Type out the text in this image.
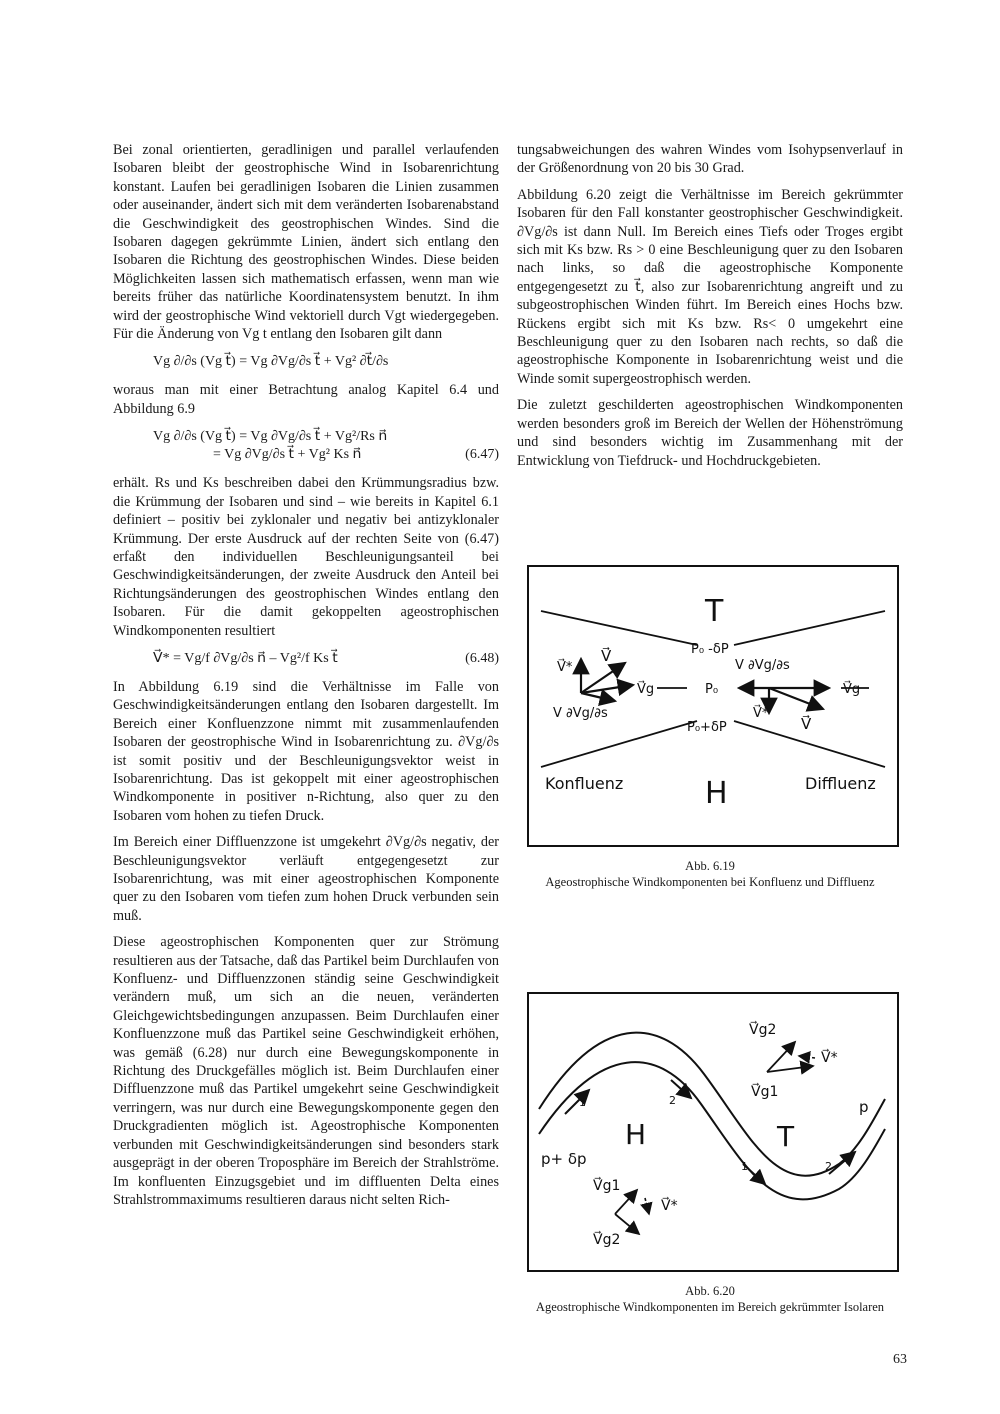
Bei zonal orientierten, geradlinigen und parallel verlaufenden Isobaren bleibt der geostrophische Wind in Isobarenrichtung konstant. Laufen bei geradlinigen Isobaren die Linien zusammen oder auseinander, ändert sich mit dem veränderten Isobarenabstand die Geschwindigkeit des geostrophischen Windes. Sind die Isobaren dagegen gekrümmte Linien, ändert sich entlang den Isobaren die Richtung des geostrophischen Windes. Diese beiden Möglichkeiten lassen sich mathematisch erfassen, wenn man wie bereits früher das natürliche Koordinatensystem benutzt. In ihm wird der geostrophische Wind vektoriell durch Vgt wiedergegeben. Für die Änderung von Vg t entlang den Isobaren gilt dann

Vg ∂/∂s (Vg t⃗) = Vg ∂Vg/∂s t⃗ + Vg² ∂t⃗/∂s

woraus man mit einer Betrachtung analog Kapitel 6.4 und Abbildung 6.9

Vg ∂/∂s (Vg t⃗) = Vg ∂Vg/∂s t⃗ + Vg²/Rs n⃗
= Vg ∂Vg/∂s t⃗ + Vg² Ks n⃗	(6.47)

erhält. Rs und Ks beschreiben dabei den Krümmungsradius bzw. die Krümmung der Isobaren und sind – wie bereits in Kapitel 6.1 definiert – positiv bei zyklonaler und negativ bei antizyklonaler Krümmung. Der erste Ausdruck auf der rechten Seite von (6.47) erfaßt den individuellen Beschleunigungsanteil bei Geschwindigkeitsänderungen, der zweite Ausdruck den Anteil bei Richtungsänderungen des geostrophischen Windes entlang den Isobaren. Für die damit gekoppelten ageostrophischen Windkomponenten resultiert

V⃗* = Vg/f ∂Vg/∂s n⃗ – Vg²/f Ks t⃗	(6.48)

In Abbildung 6.19 sind die Verhältnisse im Falle von Geschwindigkeitsänderungen entlang den Isobaren dargestellt. Im Bereich einer Konfluenzzone nimmt mit zusammenlaufenden Isobaren der geostrophische Wind in Isobarenrichtung zu. ∂Vg/∂s ist somit positiv und der Beschleunigungsvektor weist in Isobarenrichtung. Das ist gekoppelt mit einer ageostrophischen Windkomponente in positiver n-Richtung, also quer zu den Isobaren vom hohen zu tiefen Druck.

Im Bereich einer Diffluenzzone ist umgekehrt ∂Vg/∂s negativ, der Beschleunigungsvektor verläuft entgegengesetzt zur Isobarenrichtung, was mit einer ageostrophischen Komponente quer zu den Isobaren vom tiefen zum hohen Druck verbunden sein muß.

Diese ageostrophischen Komponenten quer zur Strömung resultieren aus der Tatsache, daß das Partikel beim Durchlaufen von Konfluenz- und Diffluenzzonen ständig seine Geschwindigkeit verändern muß, um sich an die neuen, veränderten Gleichgewichtsbedingungen anzupassen. Beim Durchlaufen einer Konfluenzzone muß das Partikel seine Geschwindigkeit erhöhen, was gemäß (6.28) nur durch eine Bewegungskomponente in Richtung des Druckgefälles möglich ist. Beim Durchlaufen einer Diffluenzzone muß das Partikel umgekehrt seine Geschwindigkeit verringern, was nur durch eine Bewegungskomponente gegen den Druckgradienten möglich ist. Ageostrophische Komponenten verbunden mit Geschwindigkeitsänderungen sind besonders stark ausgeprägt in der oberen Troposphäre im Bereich der Strahlströme. Im konfluenten Einzugsgebiet und im diffluenten Delta eines Strahlstrommaximums resultieren daraus nicht selten Rich-

tungsabweichungen des wahren Windes vom Isohypsenverlauf in der Größenordnung von 20 bis 30 Grad.

Abbildung 6.20 zeigt die Verhältnisse im Bereich gekrümmter Isobaren für den Fall konstanter geostrophischer Geschwindigkeit. ∂Vg/∂s ist dann Null. Im Bereich eines Tiefs oder Troges ergibt sich mit Ks bzw. Rs > 0 eine Beschleunigung quer zu den Isobaren nach links, so daß die ageostrophische Komponente entgegengesetzt zu t⃗, also zur Isobarenrichtung angreift und zu subgeostrophischen Winden führt. Im Bereich eines Hochs bzw. Rückens ergibt sich mit Ks bzw. Rs< 0 umgekehrt eine Beschleunigung quer zu den Isobaren nach rechts, so daß die ageostrophische Komponente in Isobarenrichtung weist und die Winde somit supergeostrophisch werden.

Die zuletzt geschilderten ageostrophischen Windkomponenten werden besonders groß im Bereich der Wellen der Höhenströmung und sind besonders wichtig im Zusammenhang mit der Entwicklung von Tiefdruck- und Hochdruckgebieten.

T
H
P₀ -δP
P₀
P₀+δP
Konfluenz	Diffluenz
V⃗
V⃗*
V⃗g
V ∂Vg/∂s
V ∂Vg/∂s
V⃗g
V⃗*
V⃗
Abb. 6.19
Ageostrophische Windkomponenten bei Konfluenz und Diffluenz
H	T
p
p+ δp
V⃗g2
V⃗g1
V⃗*
V⃗g1
V⃗g2
V⃗*
1	2
1	2
Abb. 6.20
Ageostrophische Windkomponenten im Bereich gekrümmter Isolaren
63
